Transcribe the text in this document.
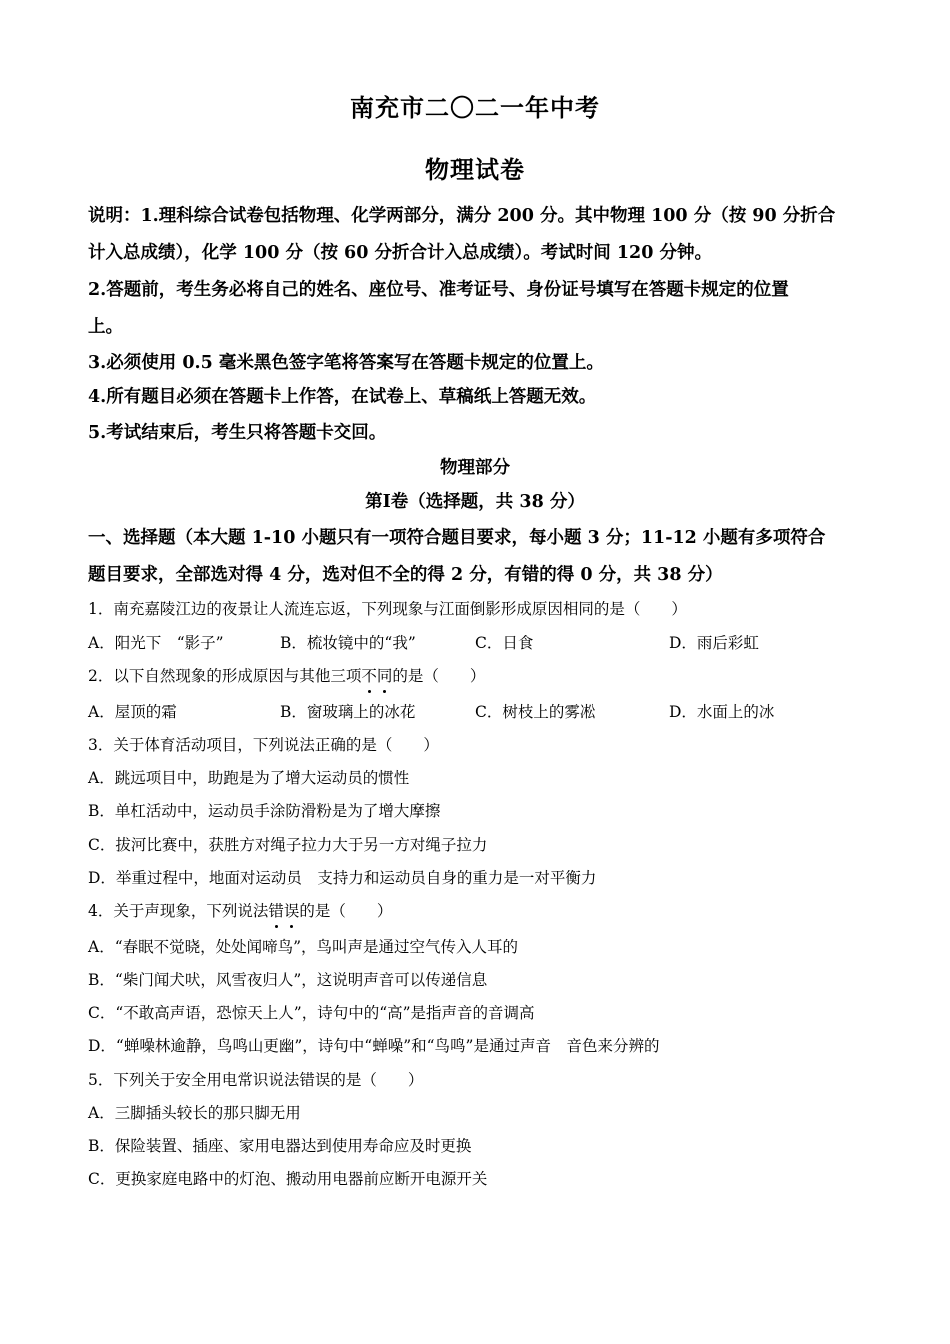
南充市二〇二一年中考
物理试卷
说明：1.理科综合试卷包括物理、化学两部分，满分 200 分。其中物理 100 分（按 90 分折合
计入总成绩），化学 100 分（按 60 分折合计入总成绩）。考试时间 120 分钟。
2.答题前，考生务必将自己的姓名、座位号、准考证号、身份证号填写在答题卡规定的位置
上。
3.必须使用 0.5 毫米黑色签字笔将答案写在答题卡规定的位置上。
4.所有题目必须在答题卡上作答，在试卷上、草稿纸上答题无效。
5.考试结束后，考生只将答题卡交回。
物理部分
第Ⅰ卷（选择题，共 38 分）
一、选择题（本大题 1-10 小题只有一项符合题目要求，每小题 3 分；11-12 小题有多项符合
题目要求，全部选对得 4 分，选对但不全的得 2 分，有错的得 0 分，共 38 分）
1．南充嘉陵江边的夜景让人流连忘返，下列现象与江面倒影形成原因相同的是（　　）
A．阳光下　“影子”	B．梳妆镜中的“我”	C．日食	D．雨后彩虹
2．以下自然现象的形成原因与其他三项不同的是（　　）
A．屋顶的霜	B．窗玻璃上的冰花	C．树枝上的雾凇	D．水面上的冰
3．关于体育活动项目，下列说法正确的是（　　）
A．跳远项目中，助跑是为了增大运动员的惯性
B．单杠活动中，运动员手涂防滑粉是为了增大摩擦
C．拔河比赛中，获胜方对绳子拉力大于另一方对绳子拉力
D．举重过程中，地面对运动员　支持力和运动员自身的重力是一对平衡力
4．关于声现象，下列说法错误的是（　　）
A．“春眠不觉晓，处处闻啼鸟”，鸟叫声是通过空气传入人耳的
B．“柴门闻犬吠，风雪夜归人”，这说明声音可以传递信息
C．“不敢高声语，恐惊天上人”，诗句中的“高”是指声音的音调高
D．“蝉噪林逾静，鸟鸣山更幽”，诗句中“蝉噪”和“鸟鸣”是通过声音　音色来分辨的
5．下列关于安全用电常识说法错误的是（　　）
A．三脚插头较长的那只脚无用
B．保险装置、插座、家用电器达到使用寿命应及时更换
C．更换家庭电路中的灯泡、搬动用电器前应断开电源开关
